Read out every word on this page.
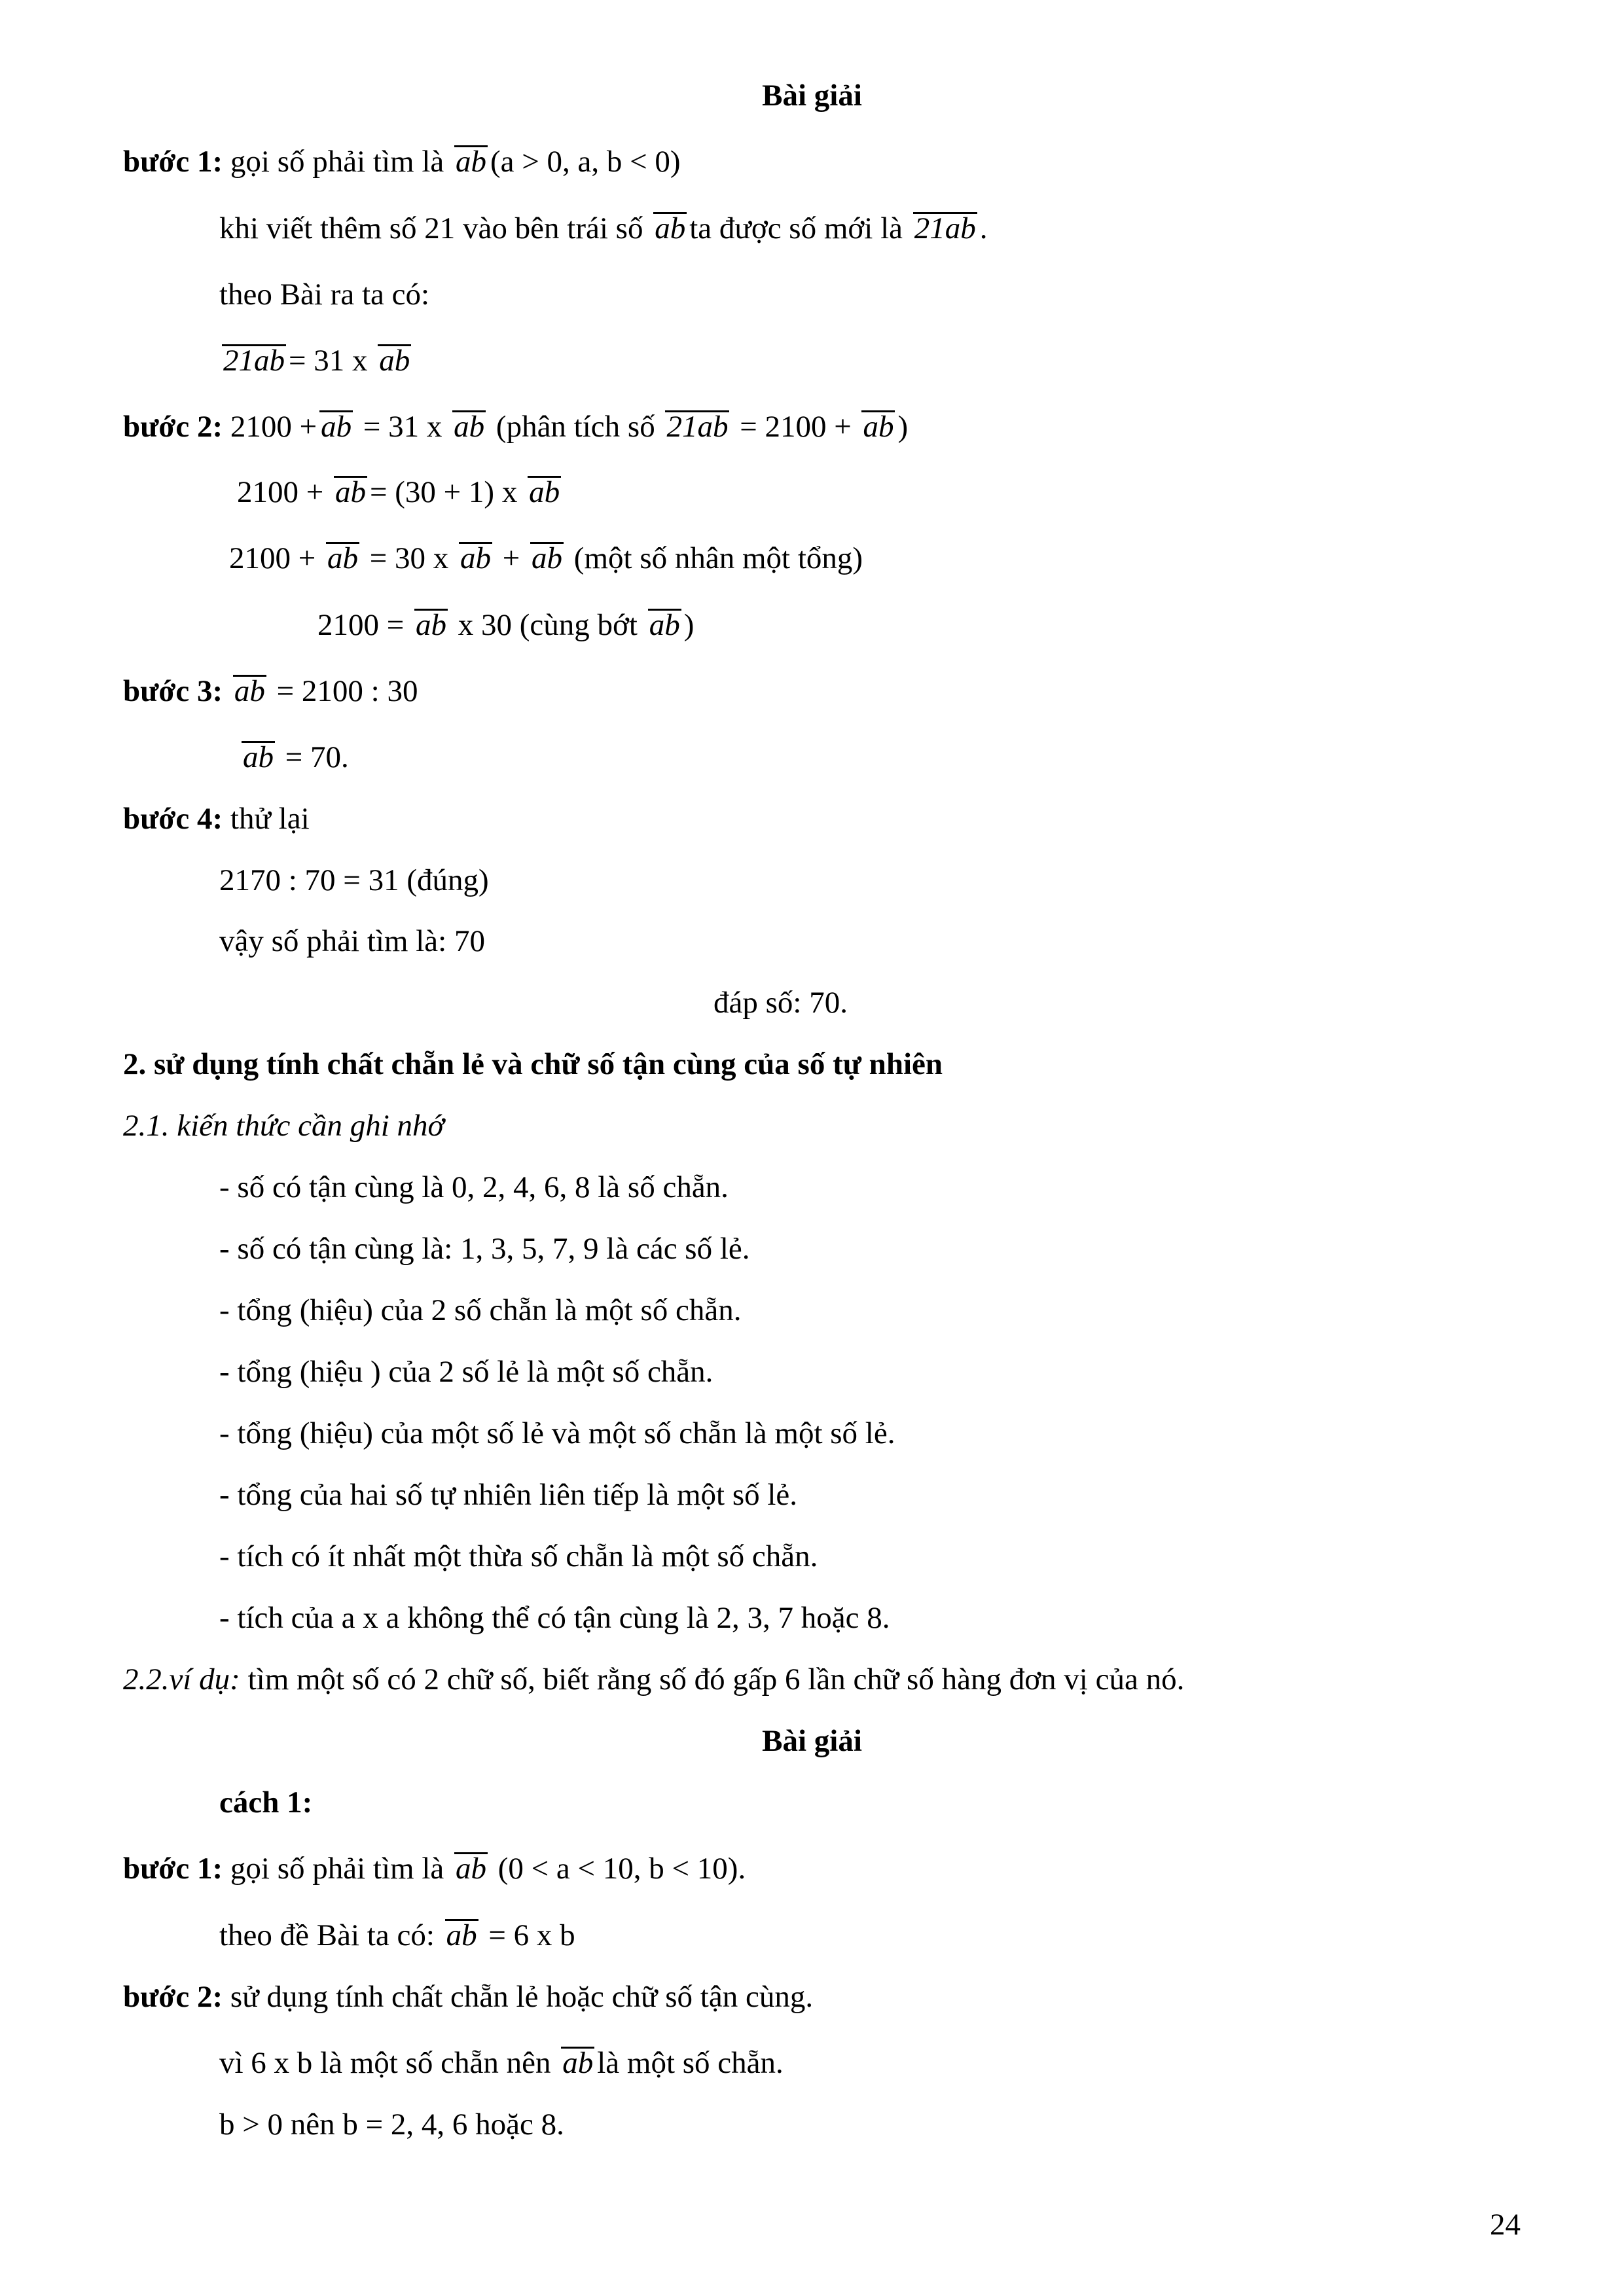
Bài giải
bước 1: gọi số phải tìm là ab (a > 0, a, b < 0)
khi viết thêm số 21 vào bên trái số ab ta được số mới là 21ab .
theo Bài ra ta có:
21ab = 31 x ab
bước 2: 2100 + ab = 31 x ab (phân tích số 21ab = 2100 + ab )
2100 + ab = (30 + 1) x ab
2100 + ab = 30 x ab + ab (một số nhân một tổng)
2100 = ab x 30 (cùng bớt ab )
bước 3: ab = 2100 : 30
ab = 70.
bước 4: thử lại
2170 : 70 = 31 (đúng)
vậy số phải tìm là: 70
đáp số: 70.
2. sử dụng tính chất chẵn lẻ và chữ số tận cùng của số tự nhiên
2.1. kiến thức cần ghi nhớ
- số có tận cùng là 0, 2, 4, 6, 8 là số chẵn.
- số có tận cùng là: 1, 3, 5, 7, 9 là các số lẻ.
- tổng (hiệu) của 2 số chẵn là một số chẵn.
- tổng (hiệu ) của 2 số lẻ là một số chẵn.
- tổng (hiệu) của một số lẻ và một số chẵn là một số lẻ.
- tổng của hai số tự nhiên liên tiếp là một số lẻ.
- tích có ít nhất một thừa số chẵn là một số chẵn.
- tích của a x a không thể có tận cùng là 2, 3, 7 hoặc 8.
2.2.ví dụ: tìm một số có 2 chữ số, biết rằng số đó gấp 6 lần chữ số hàng đơn vị của nó.
Bài giải
cách 1:
bước 1: gọi số phải tìm là ab (0 < a < 10, b < 10).
theo đề Bài ta có: ab = 6 x b
bước 2: sử dụng tính chất chẵn lẻ hoặc chữ số tận cùng.
vì 6 x b là một số chẵn nên ab là một số chẵn.
b > 0 nên b = 2, 4, 6 hoặc 8.
24
